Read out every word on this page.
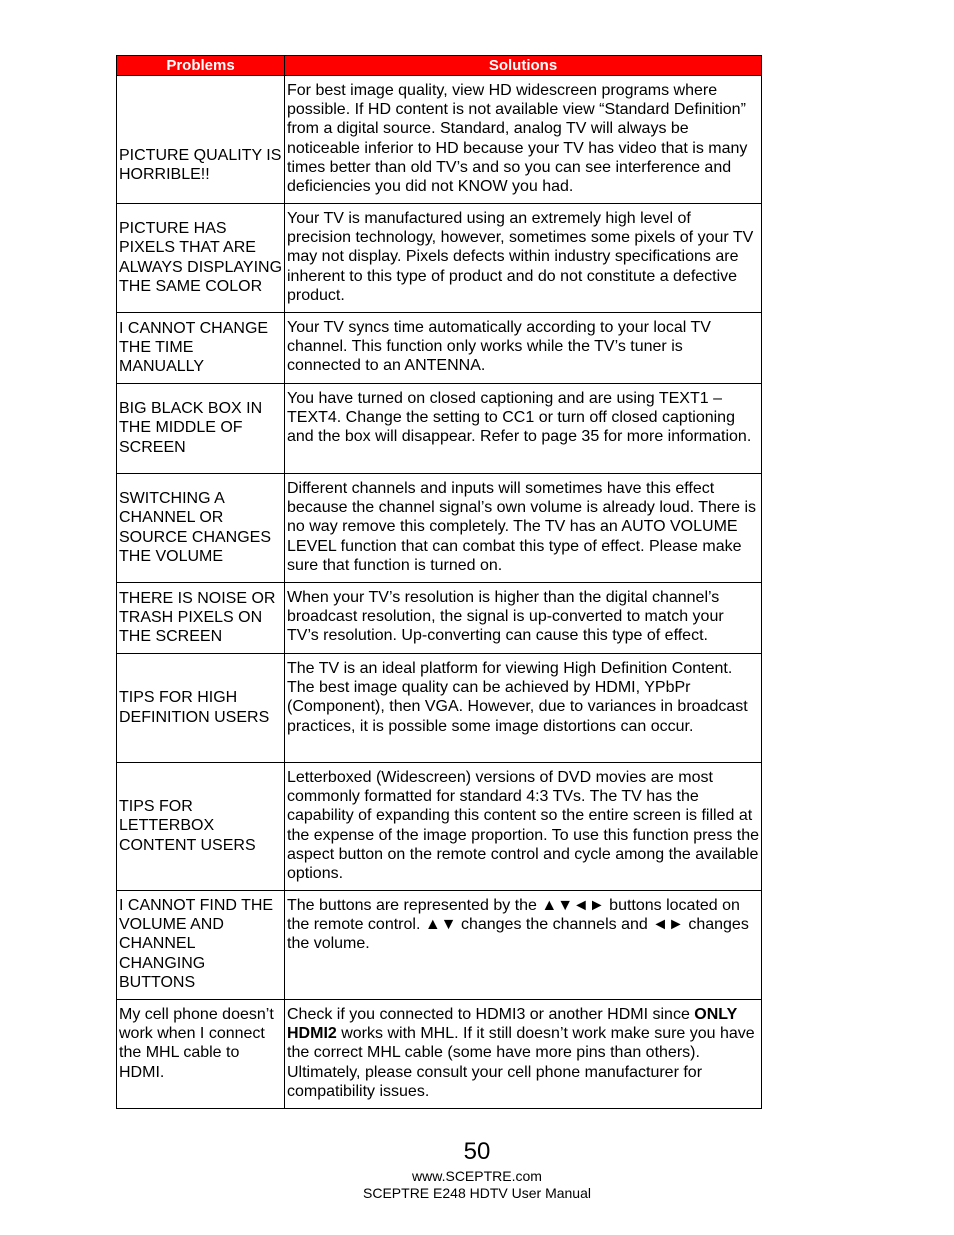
Problems	Solutions
PICTURE QUALITY IS HORRIBLE!!	For best image quality, view HD widescreen programs where possible. If HD content is not available view “Standard Definition” from a digital source. Standard, analog TV will always be noticeable inferior to HD because your TV has video that is many times better than old TV’s and so you can see interference and deficiencies you did not KNOW you had.
PICTURE HAS PIXELS THAT ARE ALWAYS DISPLAYING THE SAME COLOR	Your TV is manufactured using an extremely high level of precision technology, however, sometimes some pixels of your TV may not display. Pixels defects within industry specifications are inherent to this type of product and do not constitute a defective product.
I CANNOT CHANGE THE TIME MANUALLY	Your TV syncs time automatically according to your local TV channel. This function only works while the TV’s tuner is connected to an ANTENNA.
BIG BLACK BOX IN THE MIDDLE OF SCREEN	You have turned on closed captioning and are using TEXT1 – TEXT4. Change the setting to CC1 or turn off closed captioning and the box will disappear. Refer to page 35 for more information.
SWITCHING A CHANNEL OR SOURCE CHANGES THE VOLUME	Different channels and inputs will sometimes have this effect because the channel signal’s own volume is already loud. There is no way remove this completely. The TV has an AUTO VOLUME LEVEL function that can combat this type of effect. Please make sure that function is turned on.
THERE IS NOISE OR TRASH PIXELS ON THE SCREEN	When your TV’s resolution is higher than the digital channel’s broadcast resolution, the signal is up-converted to match your TV’s resolution. Up-converting can cause this type of effect.
TIPS FOR HIGH DEFINITION USERS	The TV is an ideal platform for viewing High Definition Content. The best image quality can be achieved by HDMI, YPbPr (Component), then VGA. However, due to variances in broadcast practices, it is possible some image distortions can occur.
TIPS FOR LETTERBOX CONTENT USERS	Letterboxed (Widescreen) versions of DVD movies are most commonly formatted for standard 4:3 TVs. The TV has the capability of expanding this content so the entire screen is filled at the expense of the image proportion. To use this function press the aspect button on the remote control and cycle among the available options.
I CANNOT FIND THE VOLUME AND CHANNEL CHANGING BUTTONS	The buttons are represented by the ▲▼◄► buttons located on the remote control. ▲▼ changes the channels and ◄► changes the volume.
My cell phone doesn’t work when I connect the MHL cable to HDMI.	Check if you connected to HDMI3 or another HDMI since ONLY HDMI2 works with MHL. If it still doesn’t work make sure you have the correct MHL cable (some have more pins than others). Ultimately, please consult your cell phone manufacturer for compatibility issues.
50
www.SCEPTRE.com
SCEPTRE E248 HDTV User Manual
